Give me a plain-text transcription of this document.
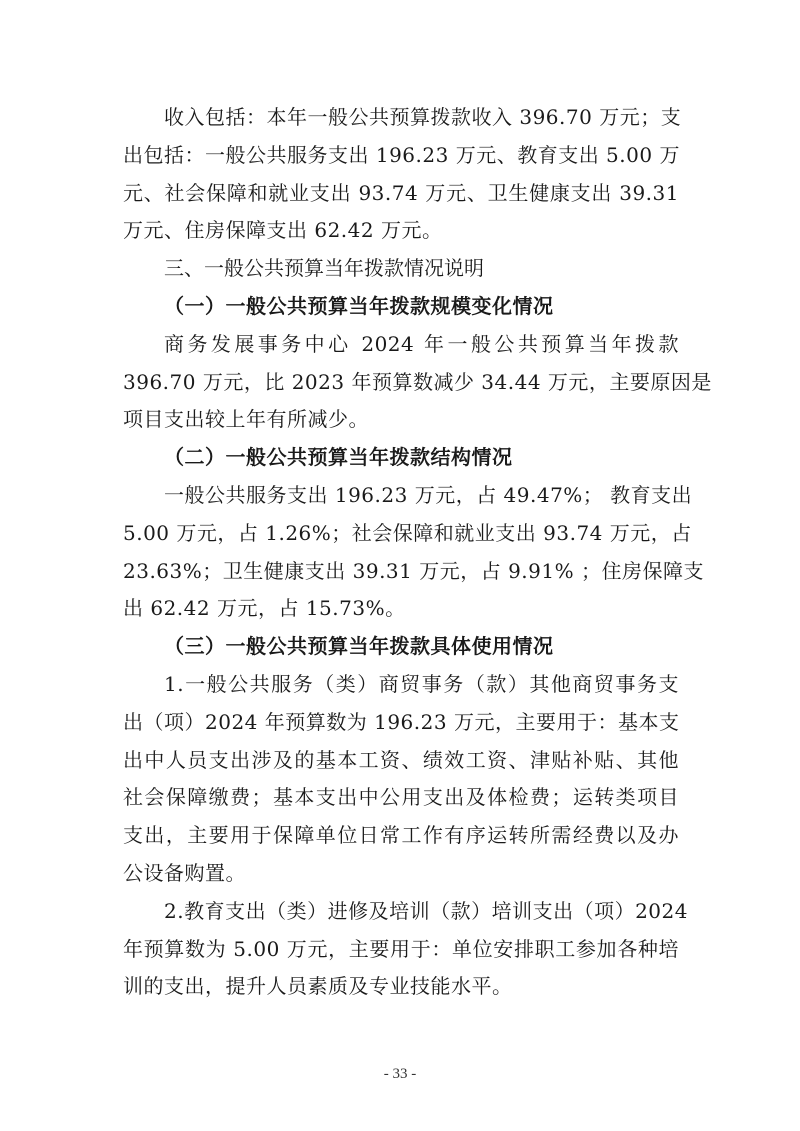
收入包括：本年一般公共预算拨款收入 396.70 万元；支
出包括：一般公共服务支出 196.23 万元、教育支出 5.00 万
元、社会保障和就业支出 93.74 万元、卫生健康支出 39.31
万元、住房保障支出 62.42 万元。
三、一般公共预算当年拨款情况说明
（一）一般公共预算当年拨款规模变化情况
商务发展事务中心 2024 年一般公共预算当年拨款
396.70 万元，比 2023 年预算数减少 34.44 万元，主要原因是
项目支出较上年有所减少。
（二）一般公共预算当年拨款结构情况
一般公共服务支出 196.23 万元，占 49.47%； 教育支出
5.00 万元，占 1.26%；社会保障和就业支出 93.74 万元，占
23.63%；卫生健康支出 39.31 万元，占 9.91% ；住房保障支
出 62.42 万元，占 15.73%。
（三）一般公共预算当年拨款具体使用情况
1.一般公共服务（类）商贸事务（款）其他商贸事务支
出（项）2024 年预算数为 196.23 万元，主要用于：基本支
出中人员支出涉及的基本工资、绩效工资、津贴补贴、其他
社会保障缴费；基本支出中公用支出及体检费；运转类项目
支出，主要用于保障单位日常工作有序运转所需经费以及办
公设备购置。
2.教育支出（类）进修及培训（款）培训支出（项）2024
年预算数为 5.00 万元，主要用于：单位安排职工参加各种培
训的支出，提升人员素质及专业技能水平。
- 33 -
